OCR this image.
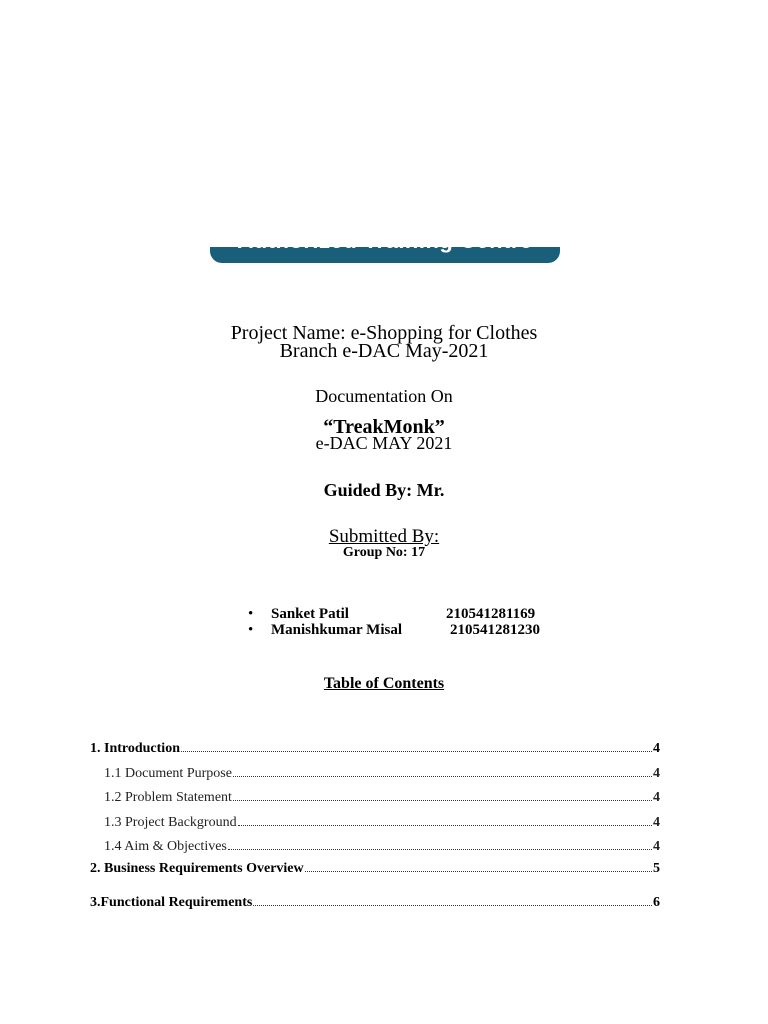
Project Name: e-Shopping for Clothes
Branch e-DAC May-2021
Documentation On
“TreakMonk”
e-DAC MAY 2021
Guided By: Mr.
Submitted By:
Group No: 17
• Sanket Patil	210541281169
• Manishkumar Misal	210541281230
Table of Contents
1. Introduction	4
1.1 Document Purpose	4
1.2 Problem Statement	4
1.3 Project Background	4
1.4 Aim & Objectives	4
2. Business Requirements Overview	5
3.Functional Requirements	6
